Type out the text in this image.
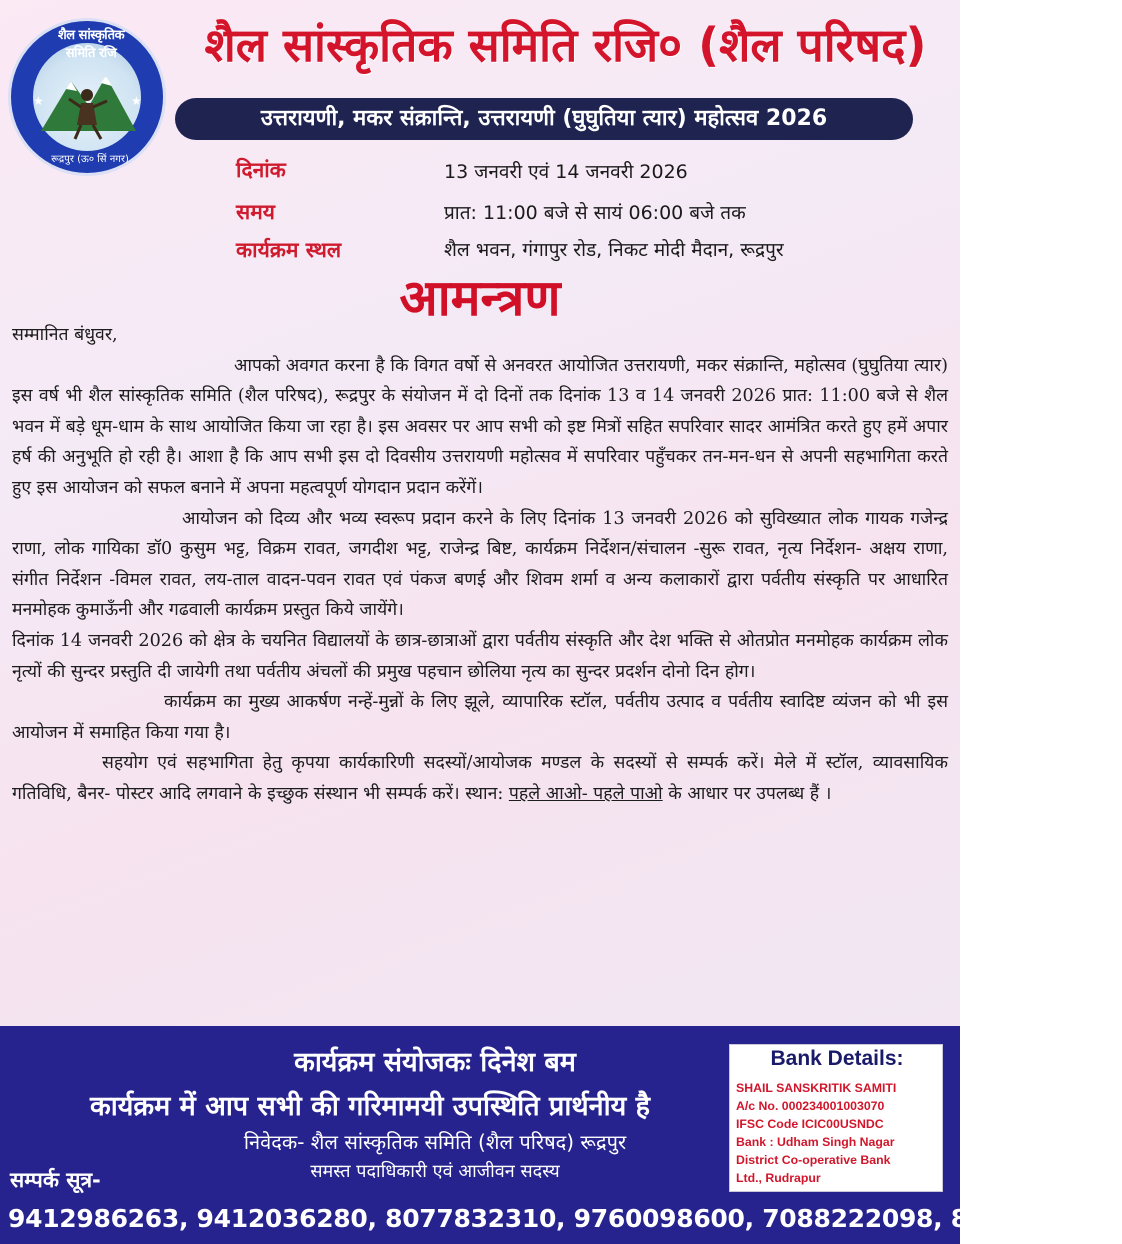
★	★
शैल सांस्कृतिक समिति रजि
रूद्रपुर (ऊ० सिं नगर)
शैल सांस्कृतिक समिति रजि० (शैल परिषद)
उत्तरायणी, मकर संक्रान्ति, उत्तरायणी (घुघुतिया त्यार) महोत्सव 2026
दिनांक	13 जनवरी एवं 14 जनवरी 2026
समय	प्रात: 11:00 बजे से सायं 06:00 बजे तक
कार्यक्रम स्थल	शैल भवन, गंगापुर रोड, निकट मोदी मैदान, रूद्रपुर
आमन्त्रण

सम्मानित बंधुवर,

आपको अवगत करना है कि विगत वर्षो से अनवरत आयोजित उत्तरायणी, मकर संक्रान्ति, महोत्सव (घुघुतिया त्यार) इस वर्ष भी शैल सांस्कृतिक समिति (शैल परिषद), रूद्रपुर के संयोजन में दो दिनों तक दिनांक 13 व 14 जनवरी 2026 प्रात: 11:00 बजे से शैल भवन में बड़े धूम-धाम के साथ आयोजित किया जा रहा है। इस अवसर पर आप सभी को इष्ट मित्रों सहित सपरिवार सादर आमंत्रित करते हुए हमें अपार हर्ष की अनुभूति हो रही है। आशा है कि आप सभी इस दो दिवसीय उत्तरायणी महोत्सव में सपरिवार पहुँचकर तन-मन-धन से अपनी सहभागिता करते हुए इस आयोजन को सफल बनाने में अपना महत्वपूर्ण योगदान प्रदान करेंगें।

आयोजन को दिव्य और भव्य स्वरूप प्रदान करने के लिए दिनांक 13 जनवरी 2026 को सुविख्यात लोक गायक गजेन्द्र राणा, लोक गायिका डॉ0 कुसुम भट्ट, विक्रम रावत, जगदीश भट्ट, राजेन्द्र बिष्ट, कार्यक्रम निर्देशन/संचालन -सुरू रावत, नृत्य निर्देशन- अक्षय राणा, संगीत निर्देशन -विमल रावत, लय-ताल वादन-पवन रावत एवं पंकज बणई और शिवम शर्मा व अन्य कलाकारों द्वारा पर्वतीय संस्कृति पर आधारित मनमोहक कुमाऊँनी और गढवाली कार्यक्रम प्रस्तुत किये जायेंगे।

दिनांक 14 जनवरी 2026 को क्षेत्र के चयनित विद्यालयों के छात्र-छात्राओं द्वारा पर्वतीय संस्कृति और देश भक्ति से ओतप्रोत मनमोहक कार्यक्रम लोक नृत्यों की सुन्दर प्रस्तुति दी जायेगी तथा पर्वतीय अंचलों की प्रमुख पहचान छोलिया नृत्य का सुन्दर प्रदर्शन दोनो दिन होग।

कार्यक्रम का मुख्य आकर्षण नन्हें-मुन्नों के लिए झूले, व्यापारिक स्टॉल, पर्वतीय उत्पाद व पर्वतीय स्वादिष्ट व्यंजन को भी इस आयोजन में समाहित किया गया है।

सहयोग एवं सहभागिता हेतु कृपया कार्यकारिणी सदस्यों/आयोजक मण्डल के सदस्यों से सम्पर्क करें। मेले में स्टॉल, व्यावसायिक गतिविधि, बैनर- पोस्टर आदि लगवाने के इच्छुक संस्थान भी सम्पर्क करें। स्थान: पहले आओ- पहले पाओ के आधार पर उपलब्ध हैं ।

कार्यक्रम संयोजकः दिनेश बम
कार्यक्रम में आप सभी की गरिमामयी उपस्थिति प्रार्थनीय है
निवेदक- शैल सांस्कृतिक समिति (शैल परिषद) रूद्रपुर
समस्त पदाधिकारी एवं आजीवन सदस्य
सम्पर्क सूत्र-
9412986263, 9412036280, 8077832310, 9760098600, 7088222098, 8979649722
Bank Details:
SHAIL SANSKRITIK SAMITI
A/c No. 000234001003070
IFSC Code ICIC00USNDC
Bank : Udham Singh Nagar
District Co-operative Bank
Ltd., Rudrapur
